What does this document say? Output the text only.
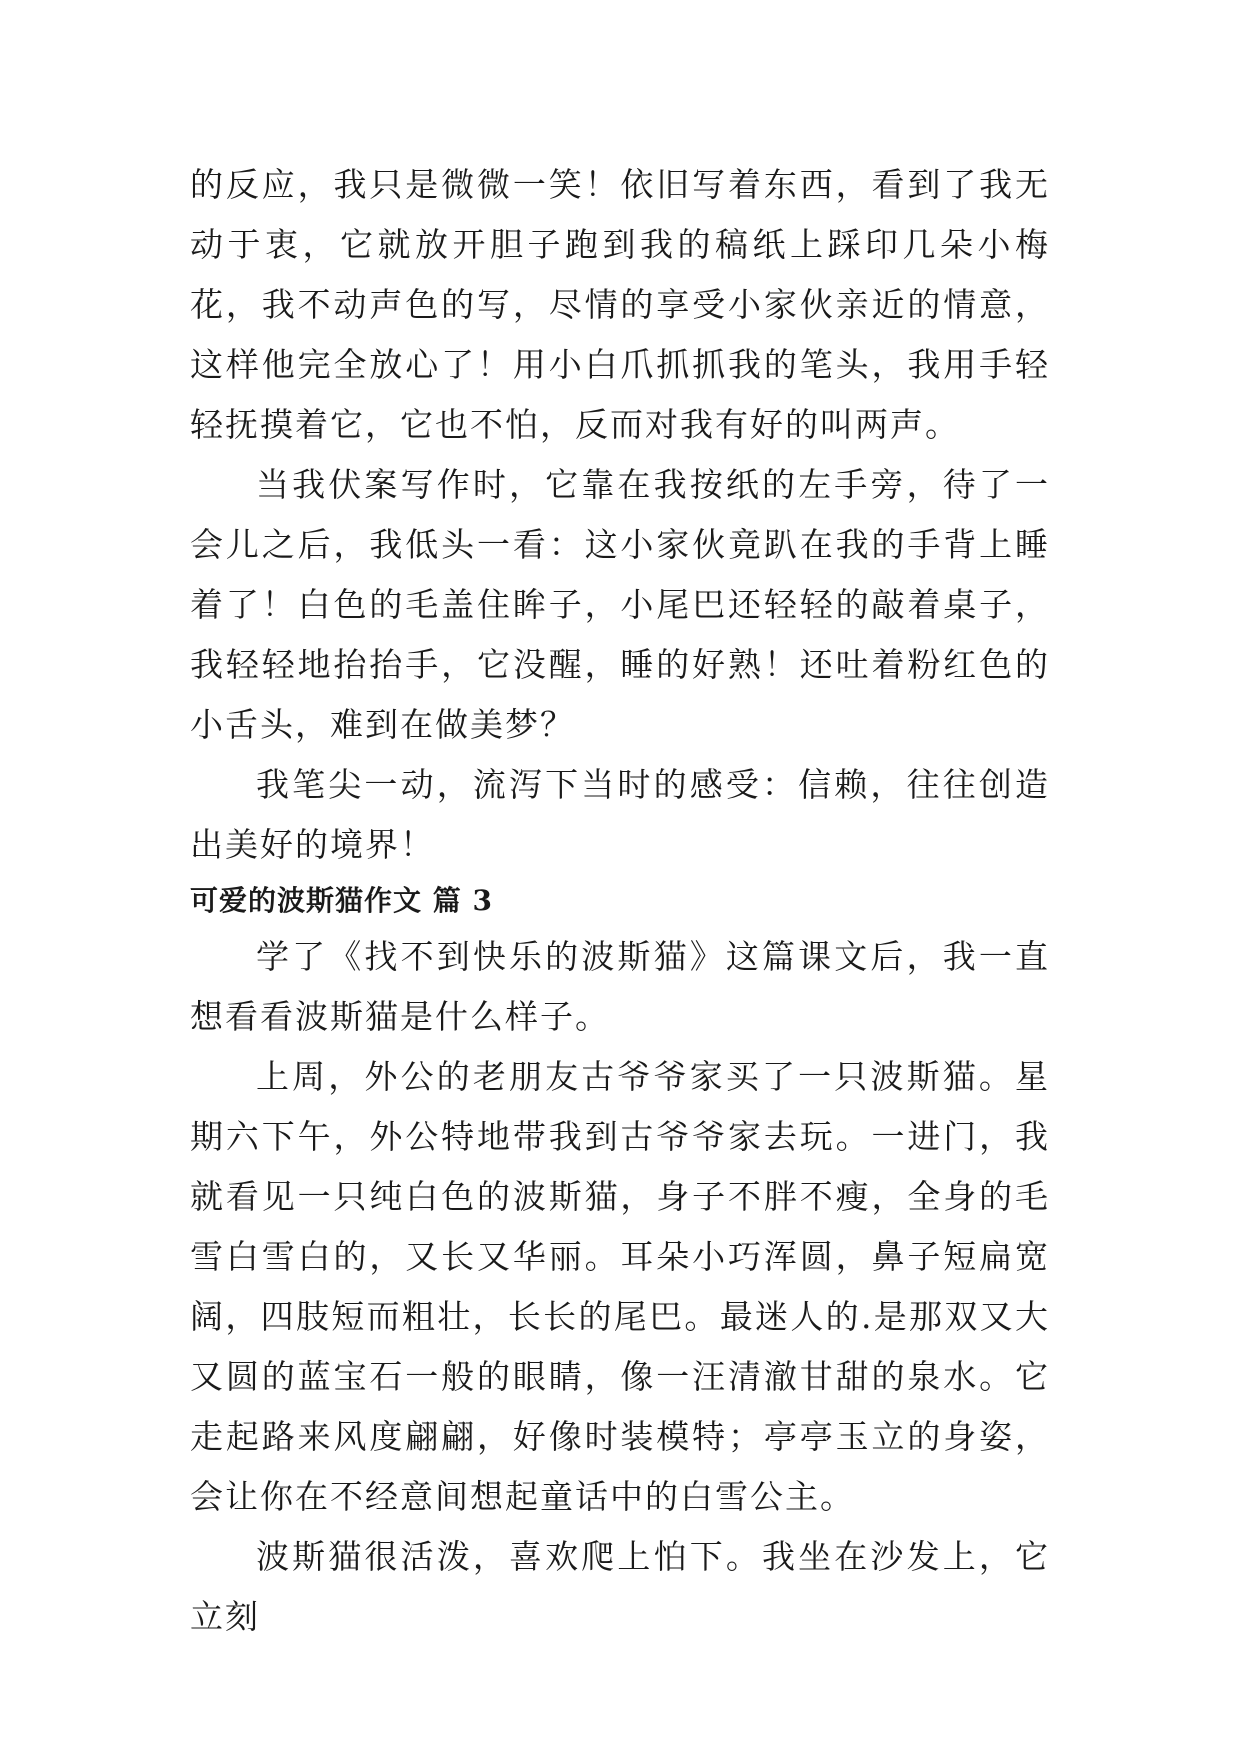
的反应，我只是微微一笑！依旧写着东西，看到了我无动于衷，它就放开胆子跑到我的稿纸上踩印几朵小梅花，我不动声色的写，尽情的享受小家伙亲近的情意，这样他完全放心了！用小白爪抓抓我的笔头，我用手轻轻抚摸着它，它也不怕，反而对我有好的叫两声。

当我伏案写作时，它靠在我按纸的左手旁，待了一会儿之后，我低头一看：这小家伙竟趴在我的手背上睡着了！白色的毛盖住眸子，小尾巴还轻轻的敲着桌子，我轻轻地抬抬手，它没醒，睡的好熟！还吐着粉红色的小舌头，难到在做美梦？

我笔尖一动，流泻下当时的感受：信赖，往往创造出美好的境界！

可爱的波斯猫作文 篇 3

学了《找不到快乐的波斯猫》这篇课文后，我一直想看看波斯猫是什么样子。

上周，外公的老朋友古爷爷家买了一只波斯猫。星期六下午，外公特地带我到古爷爷家去玩。一进门，我就看见一只纯白色的波斯猫，身子不胖不瘦，全身的毛雪白雪白的，又长又华丽。耳朵小巧浑圆，鼻子短扁宽阔，四肢短而粗壮，长长的尾巴。最迷人的.是那双又大又圆的蓝宝石一般的眼睛，像一汪清澈甘甜的泉水。它走起路来风度翩翩，好像时装模特；亭亭玉立的身姿，会让你在不经意间想起童话中的白雪公主。

波斯猫很活泼，喜欢爬上怕下。我坐在沙发上，它立刻
